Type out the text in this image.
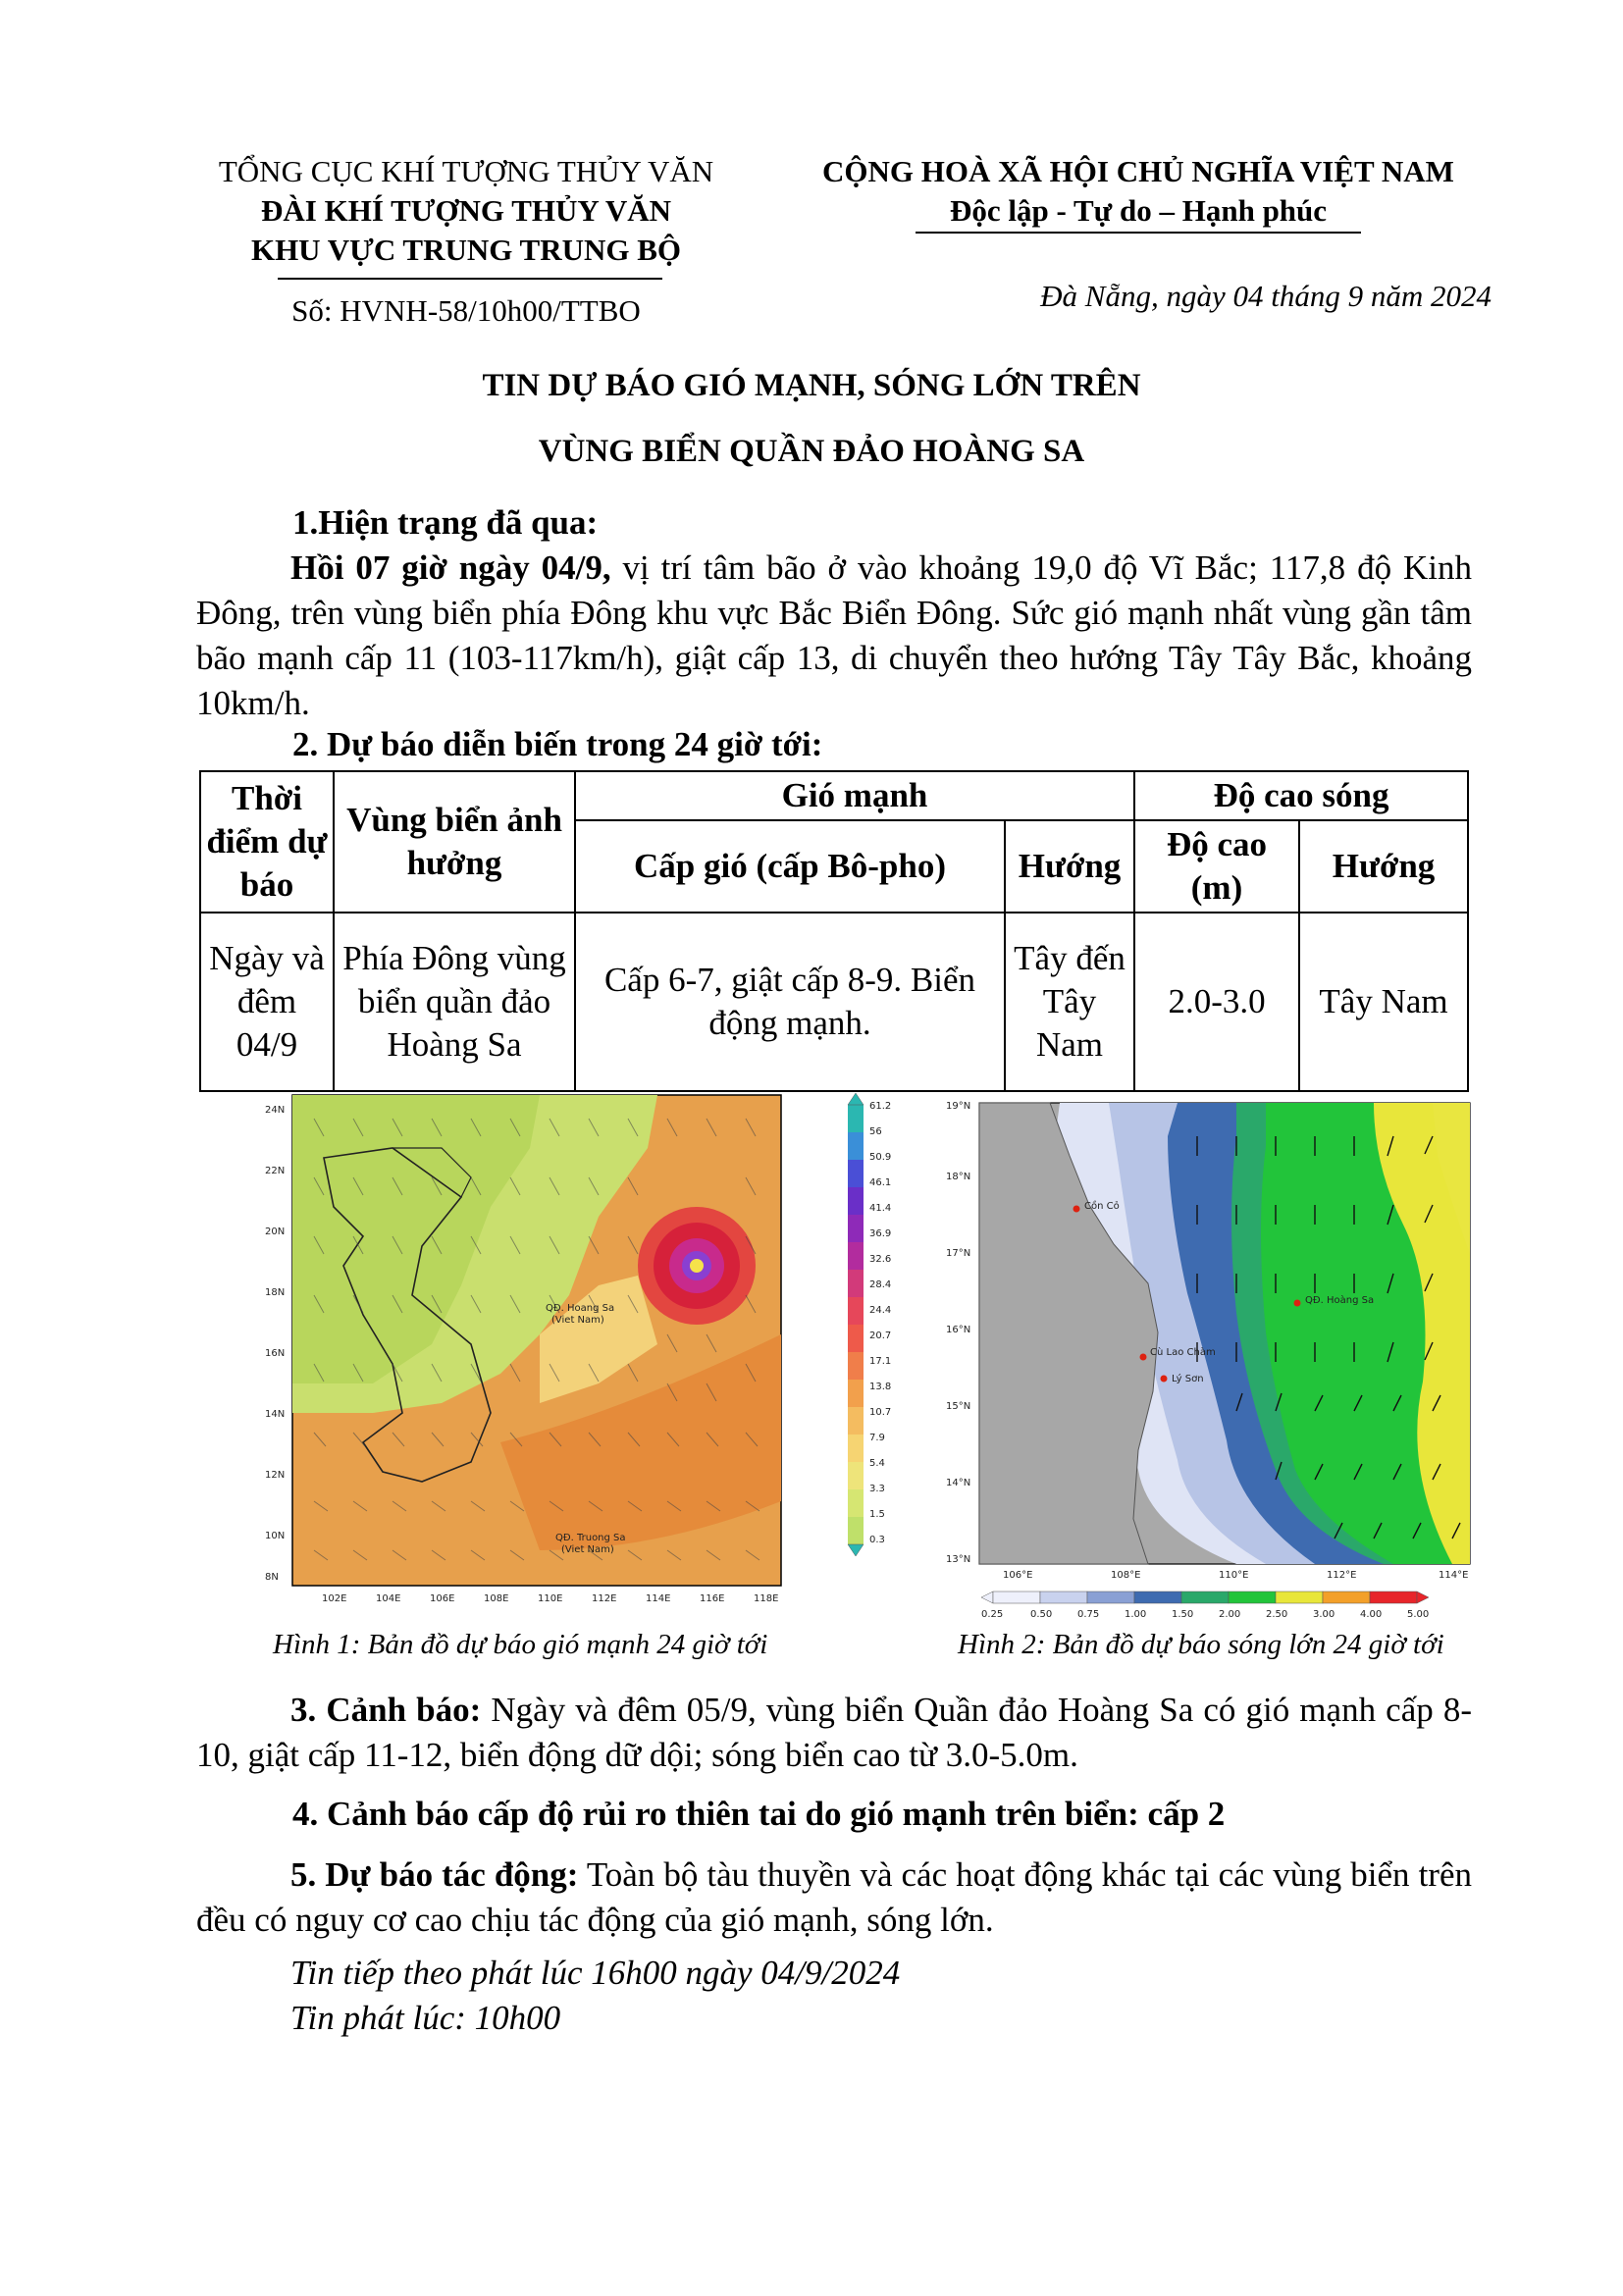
TỔNG CỤC KHÍ TƯỢNG THỦY VĂN
ĐÀI KHÍ TƯỢNG THỦY VĂN
KHU VỰC TRUNG TRUNG BỘ
Số: HVNH-58/10h00/TTBO
CỘNG HOÀ XÃ HỘI CHỦ NGHĨA VIỆT NAM
Độc lập - Tự do – Hạnh phúc
Đà Nẵng, ngày 04 tháng 9 năm 2024
TIN DỰ BÁO GIÓ MẠNH, SÓNG LỚN TRÊN
VÙNG BIỂN QUẦN ĐẢO HOÀNG SA
1.Hiện trạng đã qua:
Hồi 07 giờ ngày 04/9, vị trí tâm bão ở vào khoảng 19,0 độ Vĩ Bắc; 117,8 độ Kinh Đông, trên vùng biển phía Đông khu vực Bắc Biển Đông. Sức gió mạnh nhất vùng gần tâm bão mạnh cấp 11 (103-117km/h), giật cấp 13, di chuyển theo hướng Tây Tây Bắc, khoảng 10km/h.
2. Dự báo diễn biến trong 24 giờ tới:
Thời điểm dự báo	Vùng biển ảnh hưởng	Gió mạnh		Độ cao sóng	
		Cấp gió (cấp Bô-pho)	Hướng	Độ cao (m)	Hướng
Ngày và đêm 04/9	Phía Đông vùng biển quần đảo Hoàng Sa	Cấp 6-7, giật cấp 8-9. Biển động mạnh.	Tây đến Tây Nam	2.0-3.0	Tây Nam
QĐ. Hoang Sa
(Viet Nam)
QĐ. Truong Sa
(Viet Nam)
24N
22N
20N
18N
16N
14N
12N
10N
8N
102E	104E	106E	108E	110E	112E	114E	116E	118E
61.2
56
50.9
46.1
41.4
36.9
32.6
28.4
24.4
20.7
17.1
13.8
10.7
7.9
5.4
3.3
1.5
0.3
Hình 1: Bản đồ dự báo gió mạnh 24 giờ tới
Cồn Cỏ
QĐ. Hoàng Sa
Cù Lao Chàm
Lý Sơn
19°N
18°N
17°N
16°N
15°N
14°N
13°N
106°E	108°E	110°E	112°E	114°E
0.25	0.50	0.75	1.00	1.50	2.00	2.50	3.00	4.00	5.00
Hình 2: Bản đồ dự báo sóng lớn 24 giờ tới
3. Cảnh báo: Ngày và đêm 05/9, vùng biển Quần đảo Hoàng Sa có gió mạnh cấp 8-10, giật cấp 11-12, biển động dữ dội; sóng biển cao từ 3.0-5.0m.
4. Cảnh báo cấp độ rủi ro thiên tai do gió mạnh trên biển: cấp 2
5. Dự báo tác động: Toàn bộ tàu thuyền và các hoạt động khác tại các vùng biển trên đều có nguy cơ cao chịu tác động của gió mạnh, sóng lớn.
Tin tiếp theo phát lúc 16h00 ngày 04/9/2024
Tin phát lúc: 10h00
